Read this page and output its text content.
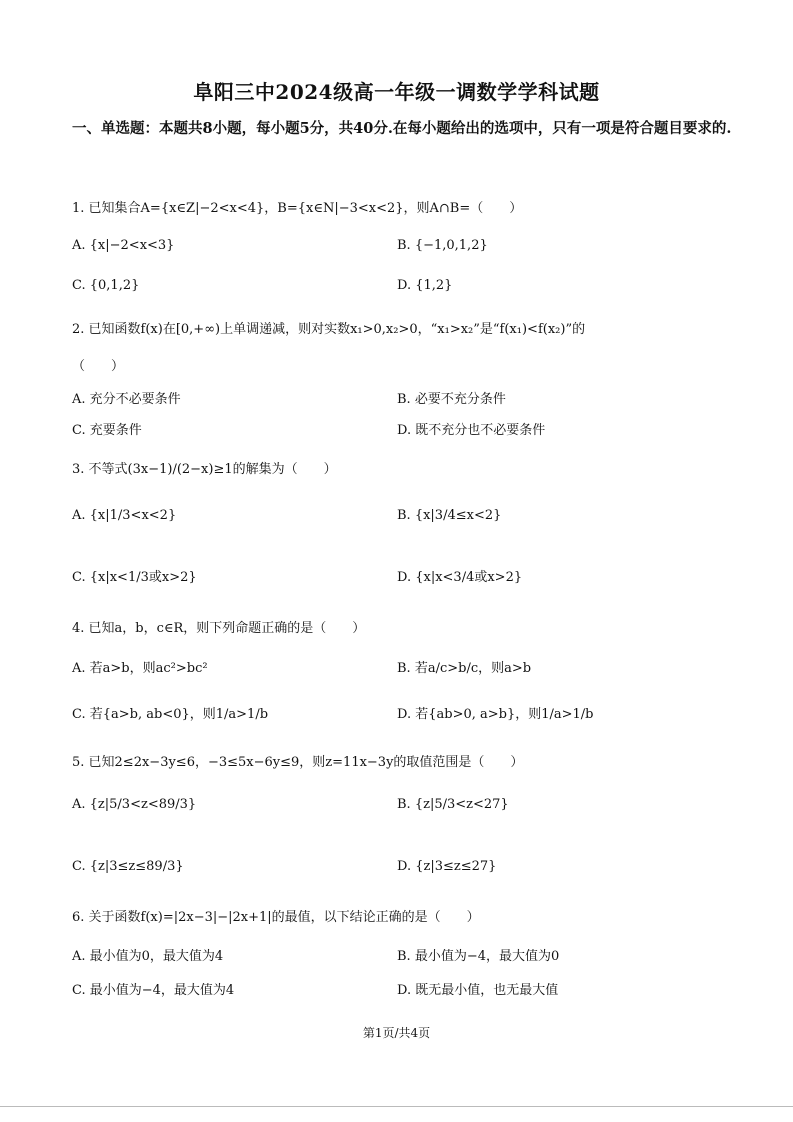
阜阳三中2024级高一年级一调数学学科试题
一、单选题：本题共8小题，每小题5分，共40分.在每小题给出的选项中，只有一项是符合题目要求的.
1. 已知集合A={x∈Z|−2<x<4}，B={x∈N|−3<x<2}，则A∩B=（　　）
A. {x|−2<x<3}	B. {−1,0,1,2}
C. {0,1,2}	D. {1,2}
2. 已知函数f(x)在[0,+∞)上单调递减，则对实数x₁>0,x₂>0，“x₁>x₂”是“f(x₁)<f(x₂)”的
（　　）
A. 充分不必要条件	B. 必要不充分条件
C. 充要条件	D. 既不充分也不必要条件
3. 不等式(3x−1)/(2−x)≥1的解集为（　　）
A. {x|1/3<x<2}	B. {x|3/4≤x<2}
C. {x|x<1/3或x>2}	D. {x|x<3/4或x>2}
4. 已知a，b，c∈R，则下列命题正确的是（　　）
A. 若a>b，则ac²>bc²	B. 若a/c>b/c，则a>b
C. 若{a>b, ab<0}，则1/a>1/b	D. 若{ab>0, a>b}，则1/a>1/b
5. 已知2≤2x−3y≤6，−3≤5x−6y≤9，则z=11x−3y的取值范围是（　　）
A. {z|5/3<z<89/3}	B. {z|5/3<z<27}
C. {z|3≤z≤89/3}	D. {z|3≤z≤27}
6. 关于函数f(x)=|2x−3|−|2x+1|的最值，以下结论正确的是（　　）
A. 最小值为0，最大值为4	B. 最小值为−4，最大值为0
C. 最小值为−4，最大值为4	D. 既无最小值，也无最大值
第1页/共4页
